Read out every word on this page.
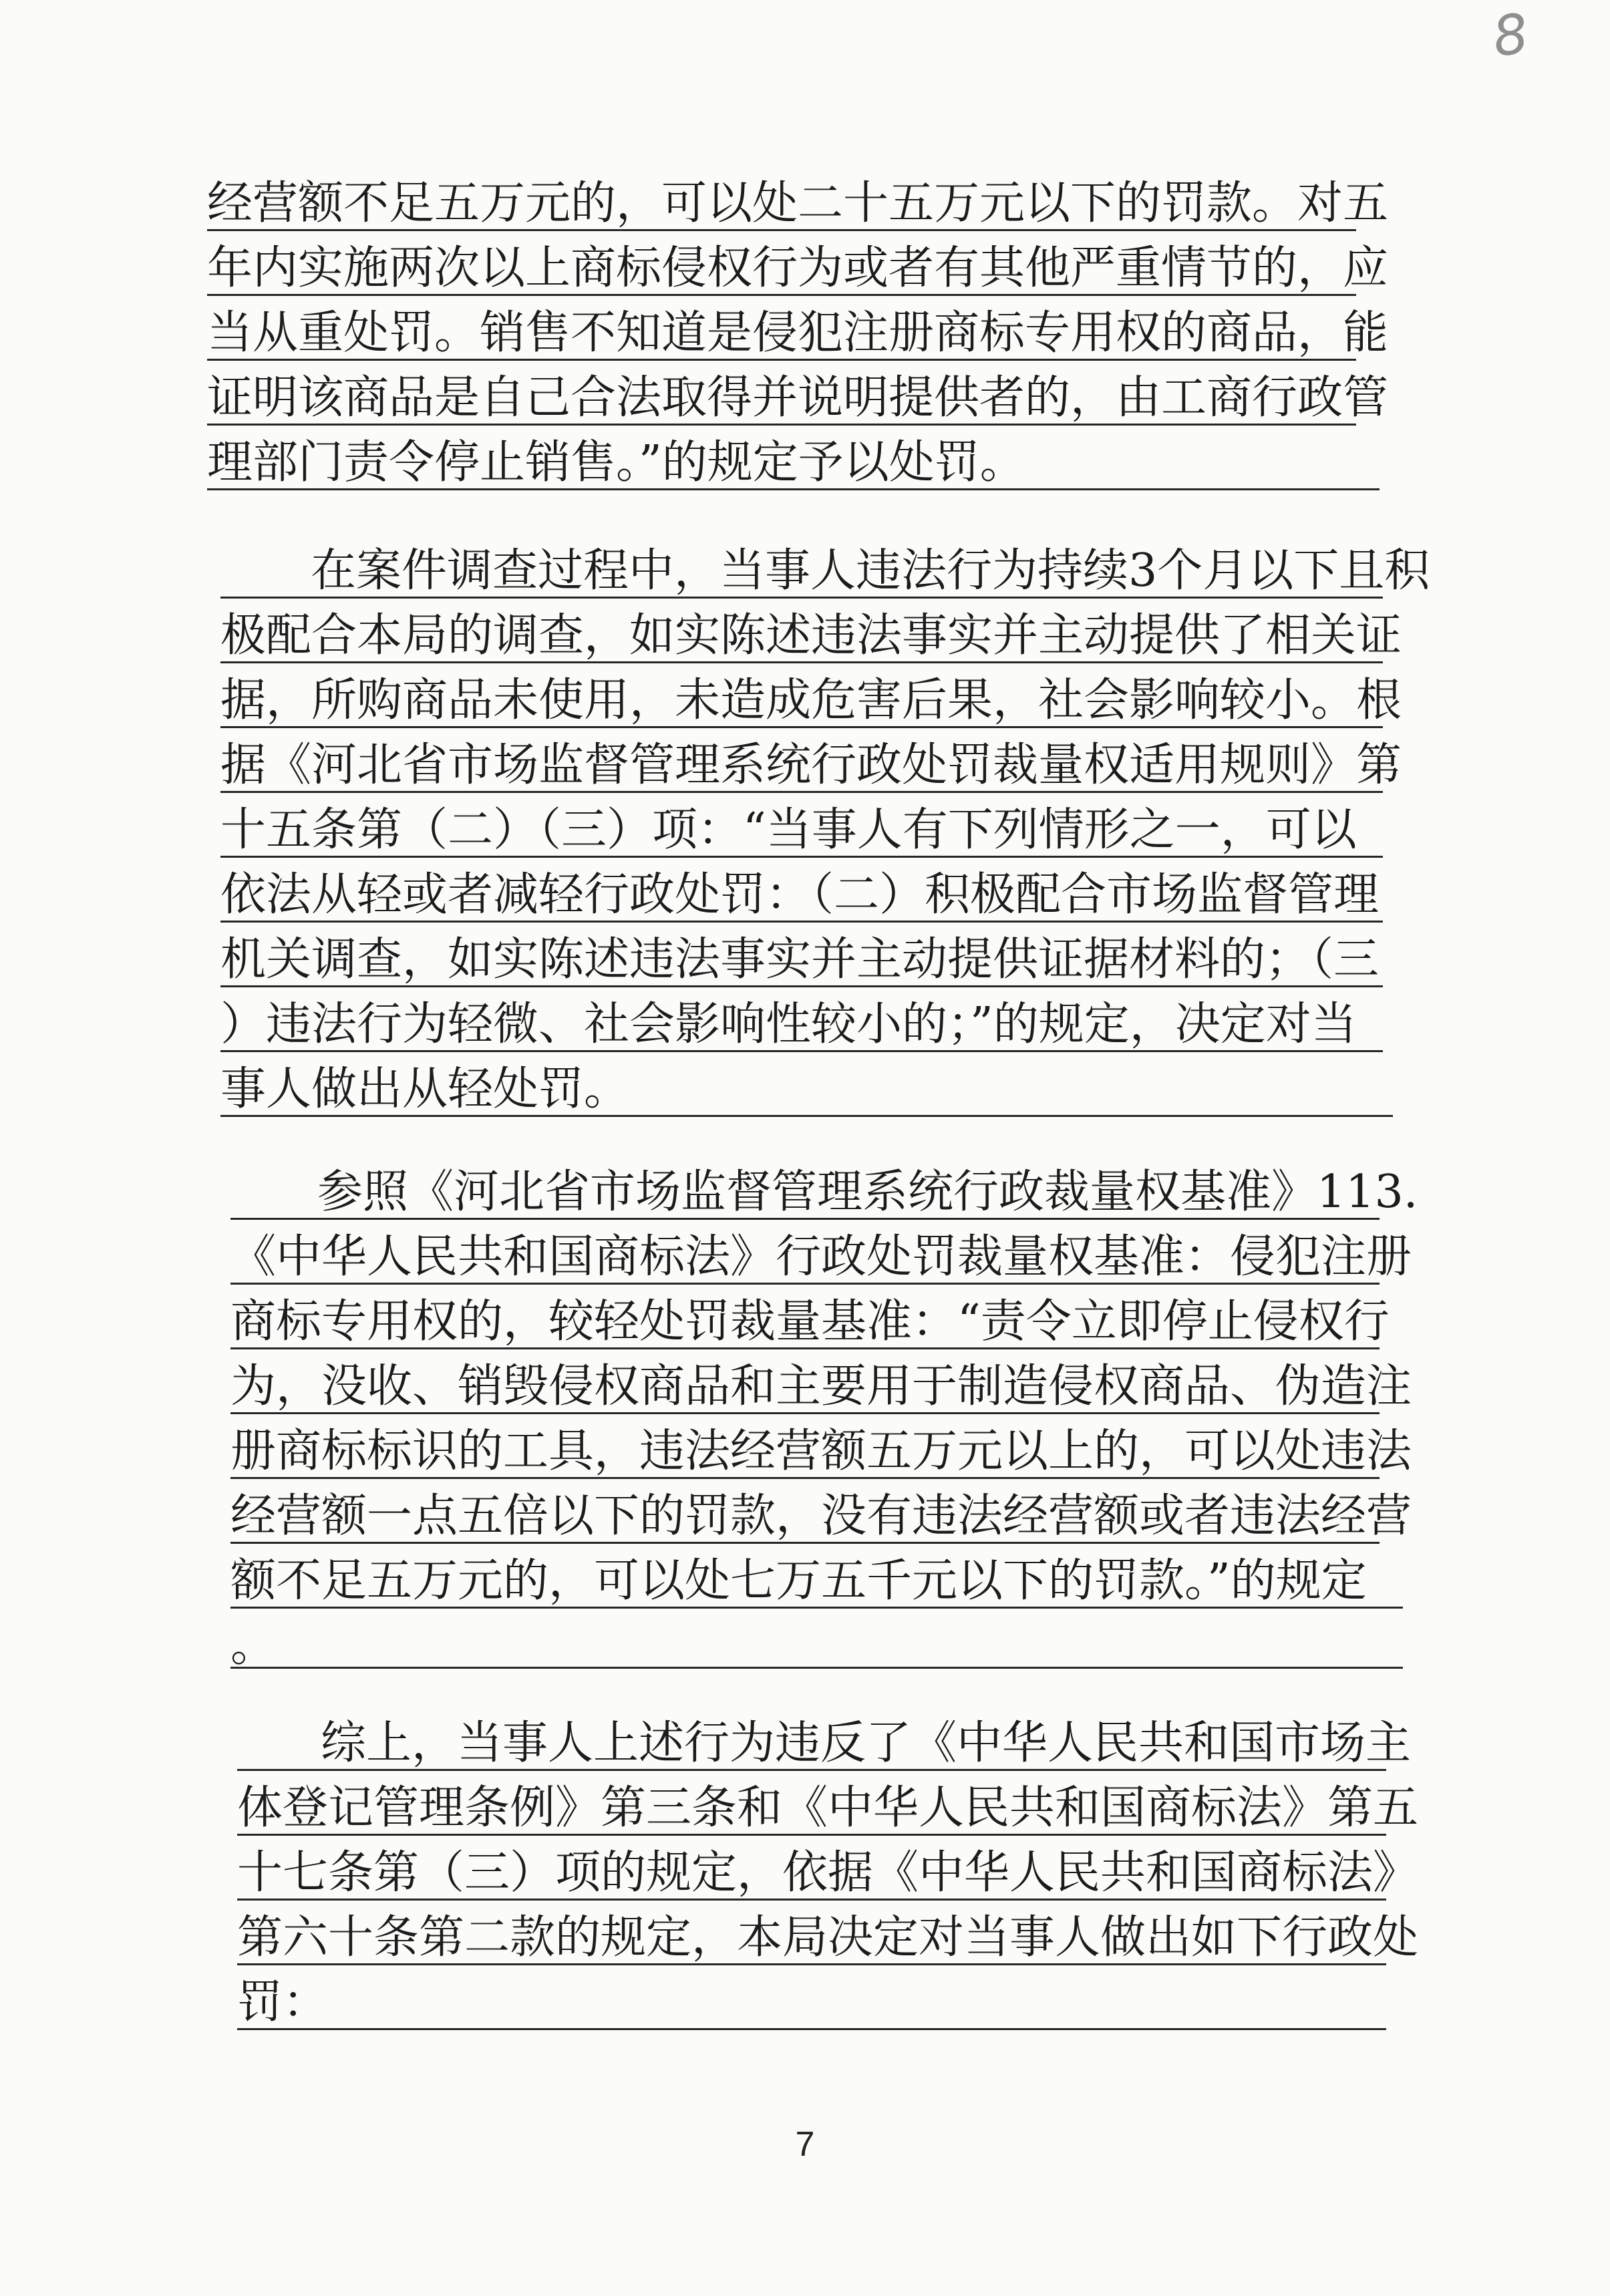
8
经营额不足五万元的，可以处二十五万元以下的罚款。对五
年内实施两次以上商标侵权行为或者有其他严重情节的，应
当从重处罚。销售不知道是侵犯注册商标专用权的商品，能
证明该商品是自己合法取得并说明提供者的，由工商行政管
理部门责令停止销售。”的规定予以处罚。
在案件调查过程中，当事人违法行为持续3个月以下且积
极配合本局的调查，如实陈述违法事实并主动提供了相关证
据，所购商品未使用，未造成危害后果，社会影响较小。根
据《河北省市场监督管理系统行政处罚裁量权适用规则》第
十五条第（二）（三）项：“当事人有下列情形之一，可以
依法从轻或者减轻行政处罚：（二）积极配合市场监督管理
机关调查，如实陈述违法事实并主动提供证据材料的；（三
）违法行为轻微、社会影响性较小的；”的规定，决定对当
事人做出从轻处罚。
参照《河北省市场监督管理系统行政裁量权基准》113.
《中华人民共和国商标法》行政处罚裁量权基准：侵犯注册
商标专用权的，较轻处罚裁量基准：“责令立即停止侵权行
为，没收、销毁侵权商品和主要用于制造侵权商品、伪造注
册商标标识的工具，违法经营额五万元以上的，可以处违法
经营额一点五倍以下的罚款，没有违法经营额或者违法经营
额不足五万元的，可以处七万五千元以下的罚款。”的规定
。
综上，当事人上述行为违反了《中华人民共和国市场主
体登记管理条例》第三条和《中华人民共和国商标法》第五
十七条第（三）项的规定，依据《中华人民共和国商标法》
第六十条第二款的规定，本局决定对当事人做出如下行政处
罚：
7
